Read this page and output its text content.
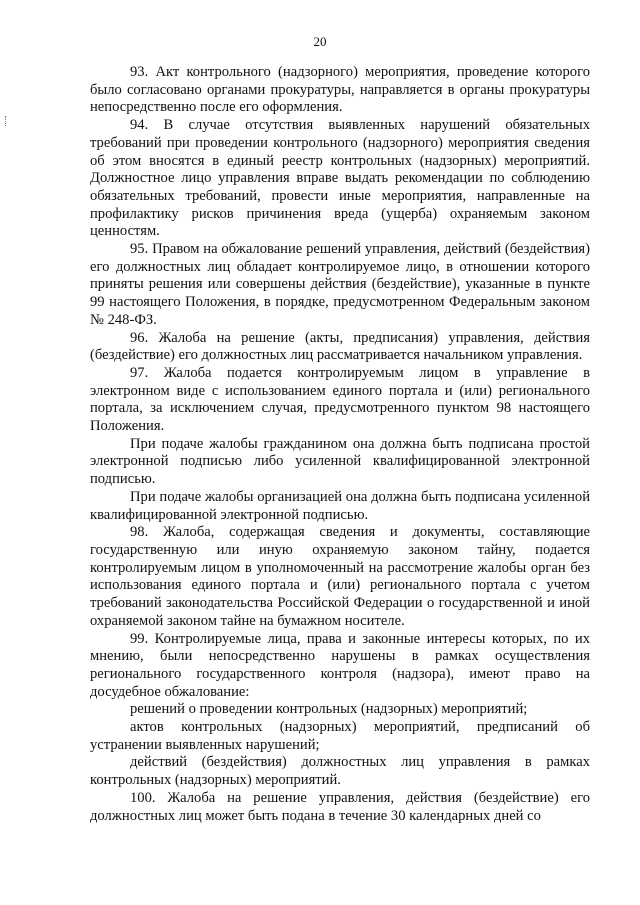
20

93. Акт контрольного (надзорного) мероприятия, проведение которого было согласовано органами прокуратуры, направляется в органы прокуратуры непосредственно после его оформления.

94. В случае отсутствия выявленных нарушений обязательных требований при проведении контрольного (надзорного) мероприятия сведения об этом вносятся в единый реестр контрольных (надзорных) мероприятий. Должностное лицо управления вправе выдать рекомендации по соблюдению обязательных требований, провести иные мероприятия, направленные на профилактику рисков причинения вреда (ущерба) охраняемым законом ценностям.

95. Правом на обжалование решений управления, действий (бездействия) его должностных лиц обладает контролируемое лицо, в отношении которого приняты решения или совершены действия (бездействие), указанные в пункте 99 настоящего Положения, в порядке, предусмотренном Федеральным законом № 248-ФЗ.

96. Жалоба на решение (акты, предписания) управления, действия (бездействие) его должностных лиц рассматривается начальником управления.

97. Жалоба подается контролируемым лицом в управление в электронном виде с использованием единого портала и (или) регионального портала, за исключением случая, предусмотренного пунктом 98 настоящего Положения.

При подаче жалобы гражданином она должна быть подписана простой электронной подписью либо усиленной квалифицированной электронной подписью.

При подаче жалобы организацией она должна быть подписана усиленной квалифицированной электронной подписью.

98. Жалоба, содержащая сведения и документы, составляющие государственную или иную охраняемую законом тайну, подается контролируемым лицом в уполномоченный на рассмотрение жалобы орган без использования единого портала и (или) регионального портала с учетом требований законодательства Российской Федерации о государственной и иной охраняемой законом тайне на бумажном носителе.

99. Контролируемые лица, права и законные интересы которых, по их мнению, были непосредственно нарушены в рамках осуществления регионального государственного контроля (надзора), имеют право на досудебное обжалование:

решений о проведении контрольных (надзорных) мероприятий;

актов контрольных (надзорных) мероприятий, предписаний об устранении выявленных нарушений;

действий (бездействия) должностных лиц управления в рамках контрольных (надзорных) мероприятий.

100. Жалоба на решение управления, действия (бездействие) его должностных лиц может быть подана в течение 30 календарных дней со
